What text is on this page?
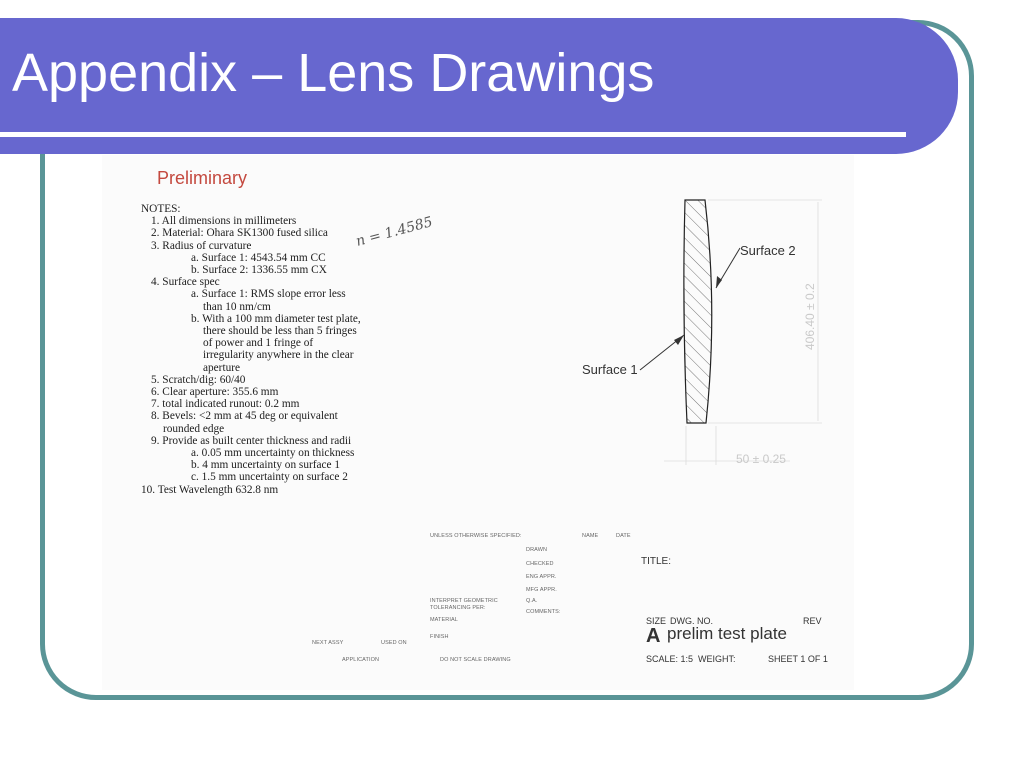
Appendix – Lens Drawings
Preliminary
n = 1.4585
NOTES:
1. All dimensions in millimeters
2. Material: Ohara SK1300 fused silica
3. Radius of curvature
a. Surface 1: 4543.54 mm CC
b. Surface 2: 1336.55 mm CX
4. Surface spec
a. Surface 1: RMS slope error less
than 10 nm/cm
b. With a 100 mm diameter test plate,
there should be less than 5 fringes
of power and 1 fringe of
irregularity anywhere in the clear
aperture
5. Scratch/dig: 60/40
6. Clear aperture: 355.6 mm
7. total indicated runout: 0.2 mm
8. Bevels: <2 mm at 45 deg or equivalent
rounded edge
9. Provide as built center thickness and radii
a. 0.05 mm uncertainty on thickness
b. 4 mm uncertainty on surface 1
c. 1.5 mm uncertainty on surface 2
10. Test Wavelength 632.8 nm
Surface 2
Surface 1
406.40 ± 0.2
50 ± 0.25
UNLESS OTHERWISE SPECIFIED:	NAME	DATE
DRAWN
CHECKED
ENG APPR.
MFG APPR.
Q.A.
COMMENTS:
INTERPRET GEOMETRIC
TOLERANCING PER:
MATERIAL
FINISH
NEXT ASSY	USED ON
APPLICATION	DO NOT SCALE DRAWING
TITLE:
SIZE DWG. NO.	REV
A prelim test plate
SCALE: 1:5 WEIGHT:	SHEET 1 OF 1
